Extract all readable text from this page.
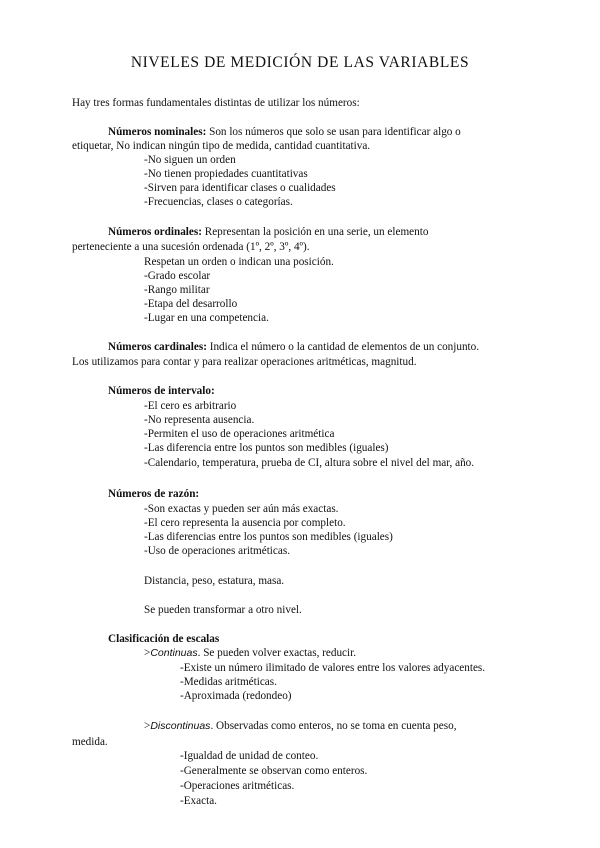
NIVELES DE MEDICIÓN DE LAS VARIABLES
Hay tres formas fundamentales distintas de utilizar los números:
Números nominales: Son los números que solo se usan para identificar algo o
etiquetar, No indican ningún tipo de medida, cantidad cuantitativa.
-No siguen un orden
-No tienen propiedades cuantitativas
-Sirven para identificar clases o cualidades
-Frecuencias, clases o categorías.
Números ordinales: Representan la posición en una serie, un elemento
perteneciente a una sucesión ordenada (1º, 2º, 3º, 4º).
Respetan un orden o indican una posición.
-Grado escolar
-Rango militar
-Etapa del desarrollo
-Lugar en una competencia.
Números cardinales: Indica el número o la cantidad de elementos de un conjunto.
Los utilizamos para contar y para realizar operaciones aritméticas, magnitud.
Números de intervalo:
-El cero es arbitrario
-No representa ausencia.
-Permiten el uso de operaciones aritmética
-Las diferencia entre los puntos son medibles (iguales)
-Calendario, temperatura, prueba de CI, altura sobre el nivel del mar, año.
Números de razón:
-Son exactas y pueden ser aún más exactas.
-El cero representa la ausencia por completo.
-Las diferencias entre los puntos son medibles (iguales)
-Uso de operaciones aritméticas.
Distancia, peso, estatura, masa.
Se pueden transformar a otro nivel.
Clasificación de escalas
>Continuas. Se pueden volver exactas, reducir.
-Existe un número ilimitado de valores entre los valores adyacentes.
-Medidas aritméticas.
-Aproximada (redondeo)
>Discontinuas. Observadas como enteros, no se toma en cuenta peso,
medida.
-Igualdad de unidad de conteo.
-Generalmente se observan como enteros.
-Operaciones aritméticas.
-Exacta.
